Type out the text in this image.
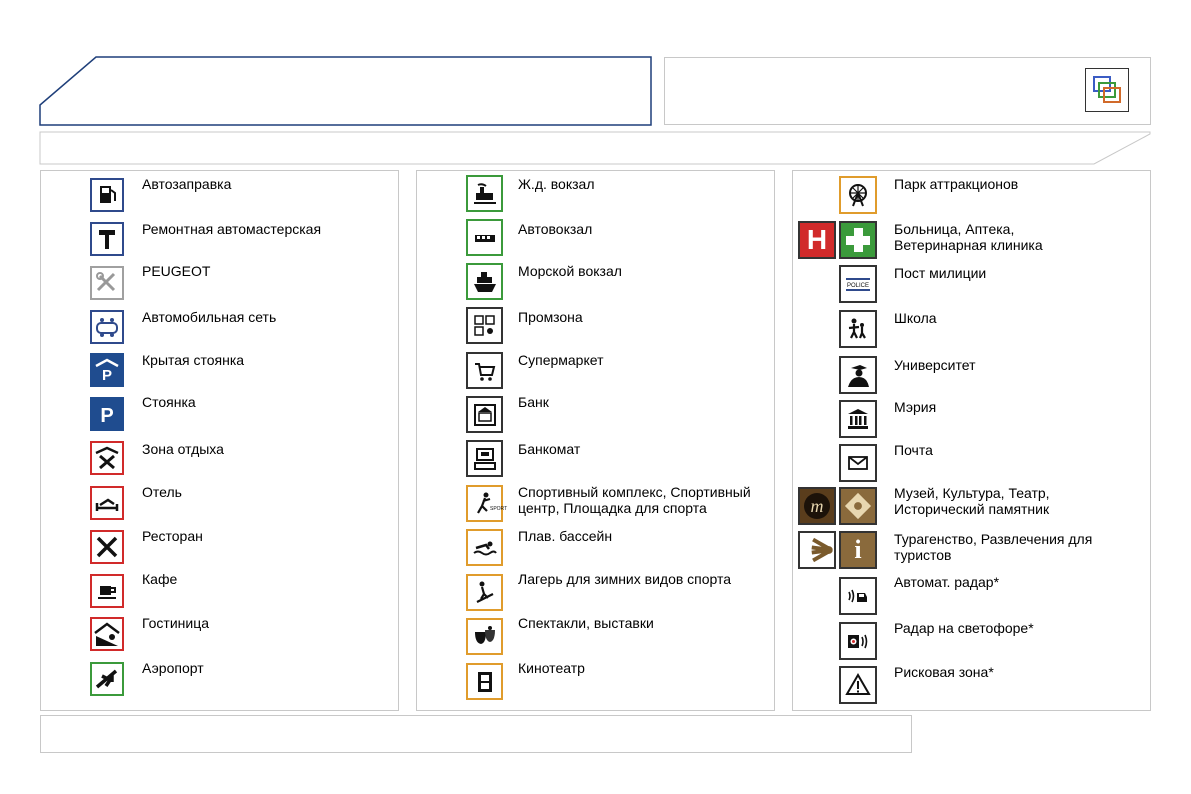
Автозаправка
Ремонтная автомастерская
PEUGEOT
Автомобильная сеть
P
Крытая стоянка
P
Стоянка
Зона отдыха
Отель
Ресторан
Кафе
Гостиница
Аэропорт
Ж.д. вокзал
Автовокзал
Морской вокзал
Промзона
Супермаркет
Банк
Банкомат
SPORT
Спортивный комплекс, Спортивный центр, Площадка для спорта
Плав. бассейн
Лагерь для зимних видов спорта
Спектакли, выставки
Кинотеатр
Парк аттракционов
H	Больница, Аптека, Ветеринарная клиника
POLICE
Пост милиции
Школа
Университет
Мэрия
Почта
m
Музей, Культура, Театр, Исторический памятник
i Турагенство, Развлечения для туристов
Автомат. радар*
Радар на светофоре*
Рисковая зона*
